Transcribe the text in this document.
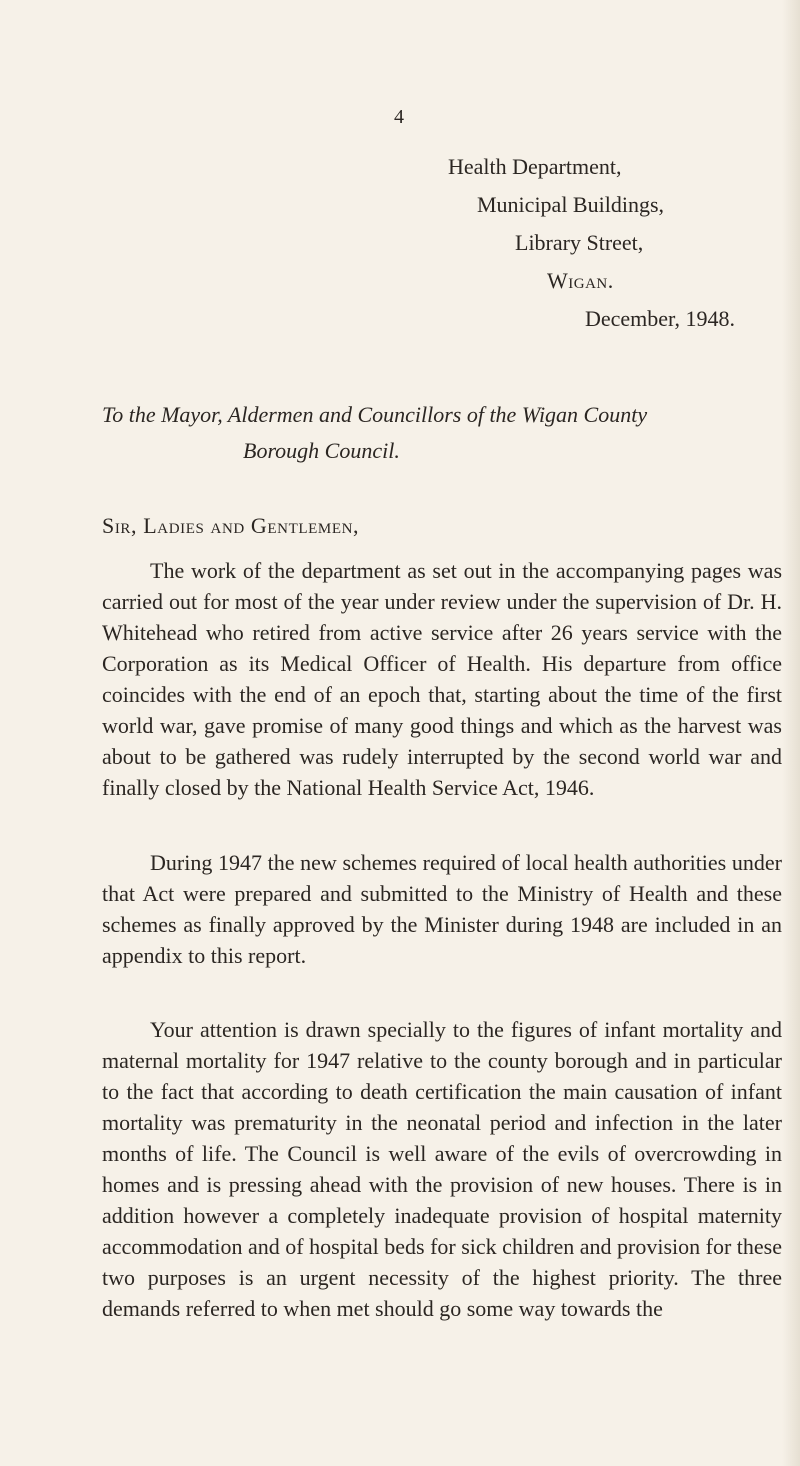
4
Health Department,
Municipal Buildings,
Library Street,
Wigan.
December, 1948.
To the Mayor, Aldermen and Councillors of the Wigan County
Borough Council.
Sir, Ladies and Gentlemen,

The work of the department as set out in the accompanying pages was carried out for most of the year under review under the supervision of Dr. H. Whitehead who retired from active service after 26 years service with the Corporation as its Medical Officer of Health. His departure from office coincides with the end of an epoch that, starting about the time of the first world war, gave promise of many good things and which as the harvest was about to be gathered was rudely interrupted by the second world war and finally closed by the National Health Service Act, 1946.

During 1947 the new schemes required of local health authorities under that Act were prepared and submitted to the Ministry of Health and these schemes as finally approved by the Minister during 1948 are included in an appendix to this report.

Your attention is drawn specially to the figures of infant mortality and maternal mortality for 1947 relative to the county borough and in particular to the fact that according to death certification the main causation of infant mortality was prematurity in the neonatal period and infection in the later months of life. The Council is well aware of the evils of overcrowding in homes and is pressing ahead with the provision of new houses. There is in addition however a completely inadequate provision of hospital maternity accommodation and of hospital beds for sick children and provision for these two purposes is an urgent necessity of the highest priority. The three demands referred to when met should go some way towards the
